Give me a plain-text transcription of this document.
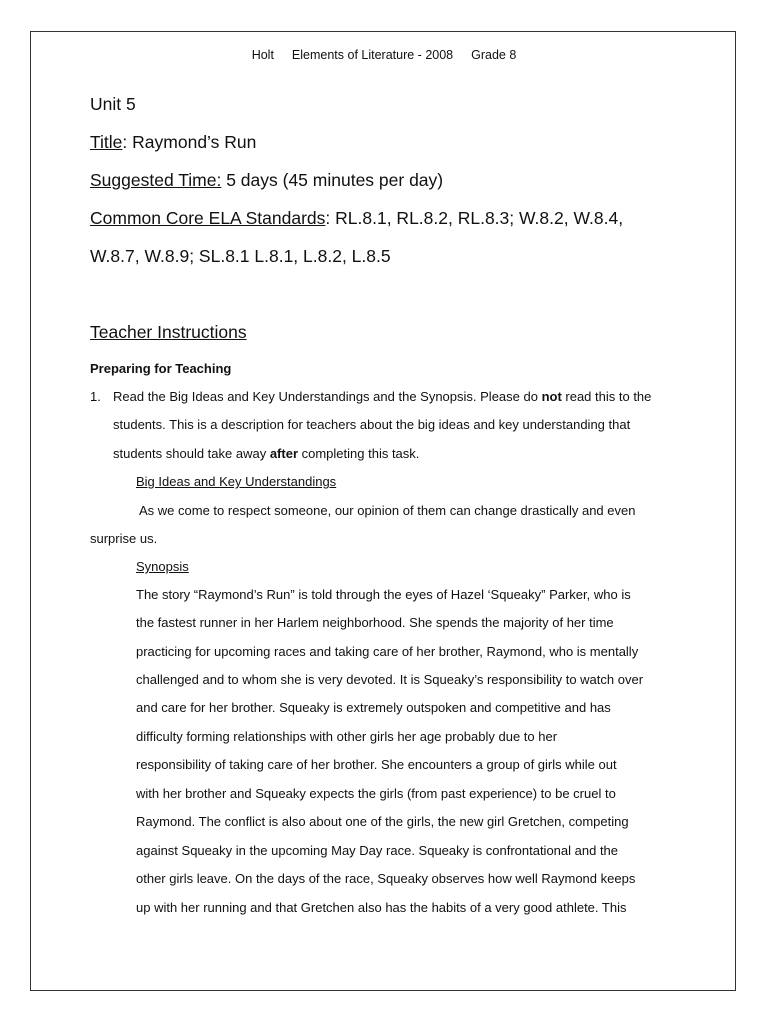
Holt Elements of Literature - 2008 Grade 8
Unit 5
Title: Raymond’s Run
Suggested Time: 5 days (45 minutes per day)
Common Core ELA Standards: RL.8.1, RL.8.2, RL.8.3; W.8.2, W.8.4,
W.8.7, W.8.9; SL.8.1 L.8.1, L.8.2, L.8.5
Teacher Instructions
Preparing for Teaching
1. Read the Big Ideas and Key Understandings and the Synopsis. Please do not read this to the
students. This is a description for teachers about the big ideas and key understanding that
students should take away after completing this task.
Big Ideas and Key Understandings
As we come to respect someone, our opinion of them can change drastically and even
surprise us.
Synopsis
The story “Raymond’s Run” is told through the eyes of Hazel ‘Squeaky” Parker, who is
the fastest runner in her Harlem neighborhood. She spends the majority of her time
practicing for upcoming races and taking care of her brother, Raymond, who is mentally
challenged and to whom she is very devoted. It is Squeaky’s responsibility to watch over
and care for her brother. Squeaky is extremely outspoken and competitive and has
difficulty forming relationships with other girls her age probably due to her
responsibility of taking care of her brother. She encounters a group of girls while out
with her brother and Squeaky expects the girls (from past experience) to be cruel to
Raymond. The conflict is also about one of the girls, the new girl Gretchen, competing
against Squeaky in the upcoming May Day race. Squeaky is confrontational and the
other girls leave. On the days of the race, Squeaky observes how well Raymond keeps
up with her running and that Gretchen also has the habits of a very good athlete. This
